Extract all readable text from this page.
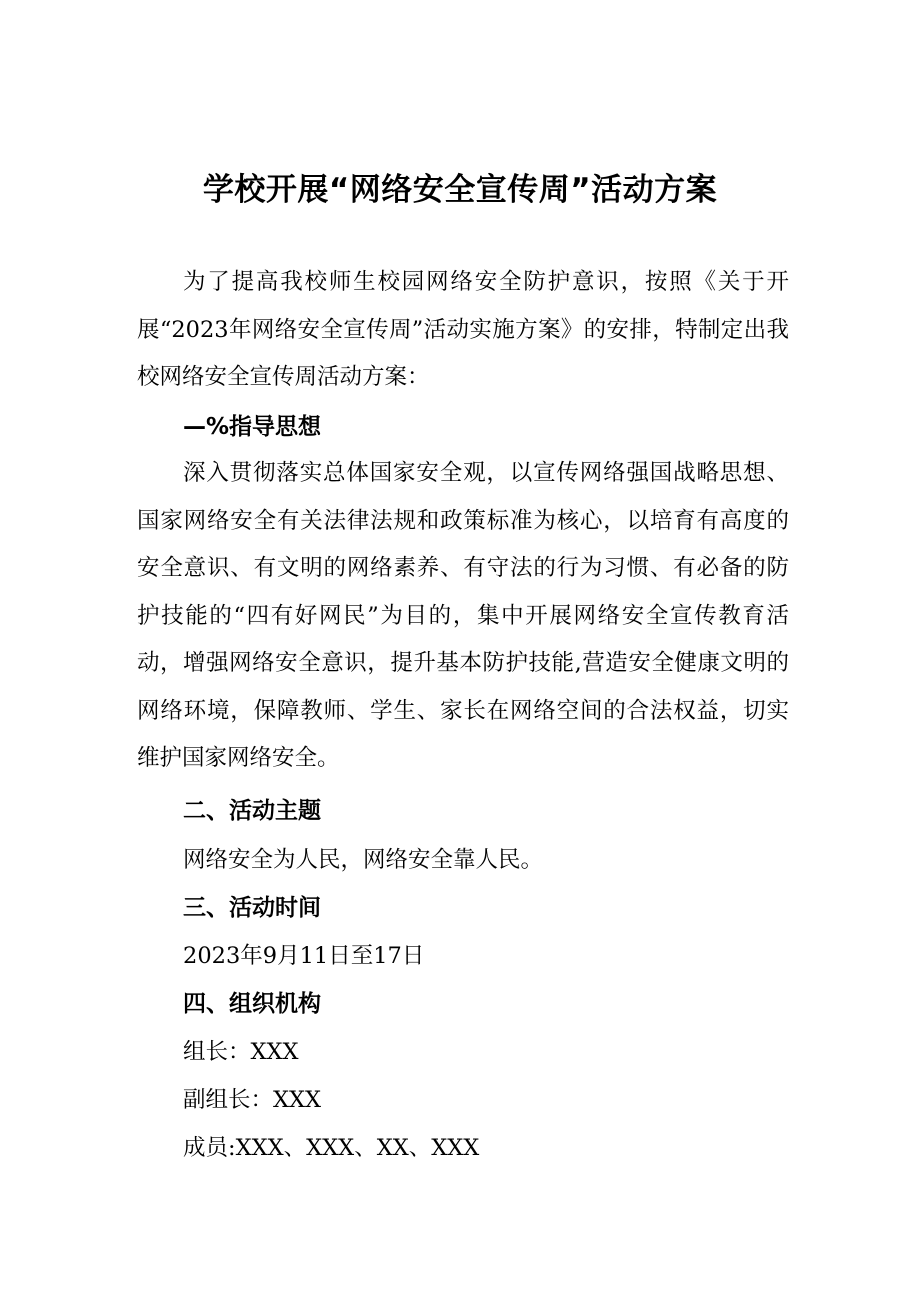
学校开展“网络安全宣传周”活动方案

为了提高我校师生校园网络安全防护意识，按照《关于开展“2023年网络安全宣传周”活动实施方案》的安排，特制定出我校网络安全宣传周活动方案：

—%指导思想

深入贯彻落实总体国家安全观，以宣传网络强国战略思想、国家网络安全有关法律法规和政策标准为核心，以培育有高度的安全意识、有文明的网络素养、有守法的行为习惯、有必备的防护技能的“四有好网民”为目的，集中开展网络安全宣传教育活动，增强网络安全意识，提升基本防护技能,营造安全健康文明的网络环境，保障教师、学生、家长在网络空间的合法权益，切实维护国家网络安全。

二、活动主题

网络安全为人民，网络安全靠人民。

三、活动时间

2023年9月11日至17日

四、组织机构

组长：XXX

副组长：XXX

成员:XXX、XXX、XX、XXX
